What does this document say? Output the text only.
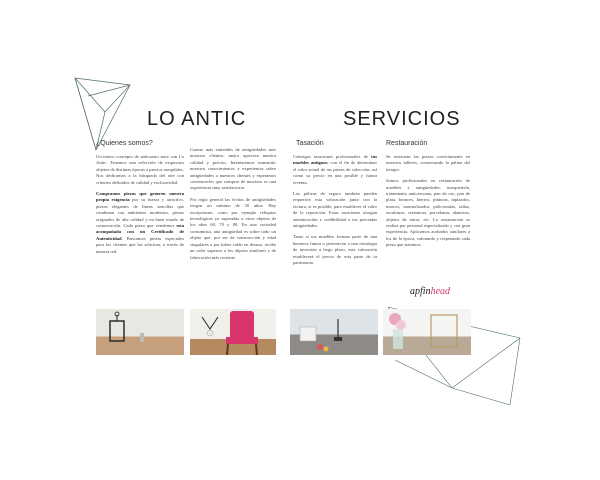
LO ANTIC	SERVICIOS
¿Quienes somos?	Tasación	Restauración

Un nuevo concepto de anticuario nace con Lo Antic. Tenemos una selección de exquisitos objetos de distintas épocas a precios asequibles. Nos dedicamos a la búsqueda del arte con criterios definidos de calidad y exclusividad.

Compramos piezas que generen nuestra propia exigencia por su fuerza y atractivo, piezas elegantes de líneas sencillas que combinan con ambientes modernos, piezas originales de alta calidad y en buen estado de conservación. Cada pieza que vendemos esta acompañada con un Certificado de Autenticidad. Buscamos piezas especiales para los clientes que las solicitan, a través de nuestra red.

Cuanto más entiendes de antigüedades más nuestros clientes, mejor aprecian nuestra calidad y precios. Intentaremos transmitir nuestros conocimientos y experiencia sobre antigüedades a nuestros clientes y esperamos convencerles que comprar de nosotros es una experiencia muy satisfactoria.

Por regla general las fechas de antigüedades exigen un mínimo de 50 años. Hay excepciones, como por ejemplo reliquias tecnológicas ya superadas u otros objetos de los años 60, 70 y 80. En una sociedad consumista, una antigüedad es sobre todo un objeto que, por ser de construcción y edad singulares o por haber caído en desuso, recibe un valor superior a los objetos similares y de fabricación más reciente.

Centrigas tasaciones profesionales de tus muebles antiguos, con el fin de determinar el valor actual de tus piezas de colección, así como su precio en una posible y futura reventa.

Las pólizas de seguro también pueden requerirte esta valoración junto con la factura, si es posible, para establecer el valor de la reposición. Estas tasaciones otorgan autenticación y credibilidad a tus preciadas antigüedades.

Tanto si tus muebles forman parte de una herencia futura o pertenecen a una estrategia de inversión a largo plazo, esta valoración establecerá el precio de esta parte de tu patrimonio.

Se restauran las piezas correctamente en nuestros talleres, conservando la pátina del tiempo.

Somos profesionales en restauración de muebles y antigüedades, marquetería, tratamiento anticarcoma, pan de oro, pan de plata, bronces, hierros, pinturas, tapizados, marcos, marmolizados, policromías, tallas, esculturas, cerámicas, porcelanas, abanicos, objetos de nácar, etc. La restauración se realiza por personal especializado y con gran experiencia. Aplicamos acabados similares a los de la época, valorando y respetando cada pieza que tratamos.

apfinhead
